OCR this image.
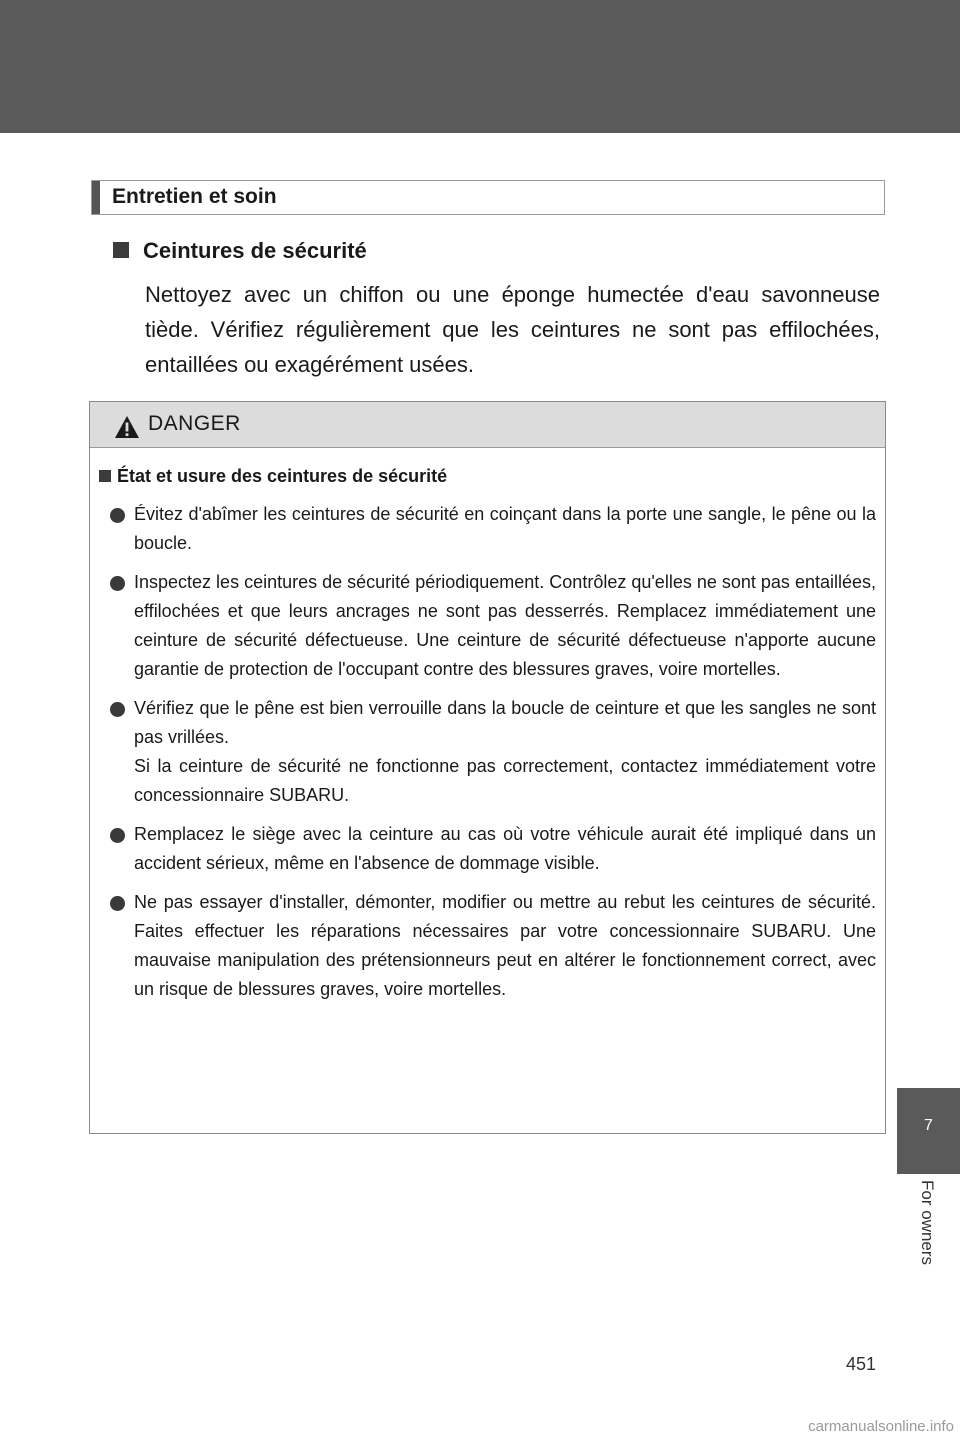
Entretien et soin
Ceintures de sécurité

Nettoyez avec un chiffon ou une éponge humectée d'eau savonneuse tiède. Vérifiez régulièrement que les ceintures ne sont pas effilochées, entaillées ou exagérément usées.

DANGER
État et usure des ceintures de sécurité
Évitez d'abîmer les ceintures de sécurité en coinçant dans la porte une sangle, le pêne ou la boucle.
Inspectez les ceintures de sécurité périodiquement. Contrôlez qu'elles ne sont pas entaillées, effilochées et que leurs ancrages ne sont pas desserrés. Remplacez immédiatement une ceinture de sécurité défectueuse. Une ceinture de sécurité défectueuse n'apporte aucune garantie de protection de l'occupant contre des blessures graves, voire mortelles.
Vérifiez que le pêne est bien verrouille dans la boucle de ceinture et que les sangles ne sont pas vrillées.
Si la ceinture de sécurité ne fonctionne pas correctement, contactez immédiatement votre concessionnaire SUBARU.
Remplacez le siège avec la ceinture au cas où votre véhicule aurait été impliqué dans un accident sérieux, même en l'absence de dommage visible.
Ne pas essayer d'installer, démonter, modifier ou mettre au rebut les ceintures de sécurité. Faites effectuer les réparations nécessaires par votre concessionnaire SUBARU. Une mauvaise manipulation des prétensionneurs peut en altérer le fonctionnement correct, avec un risque de blessures graves, voire mortelles.
7
For owners
451
carmanualsonline.info
